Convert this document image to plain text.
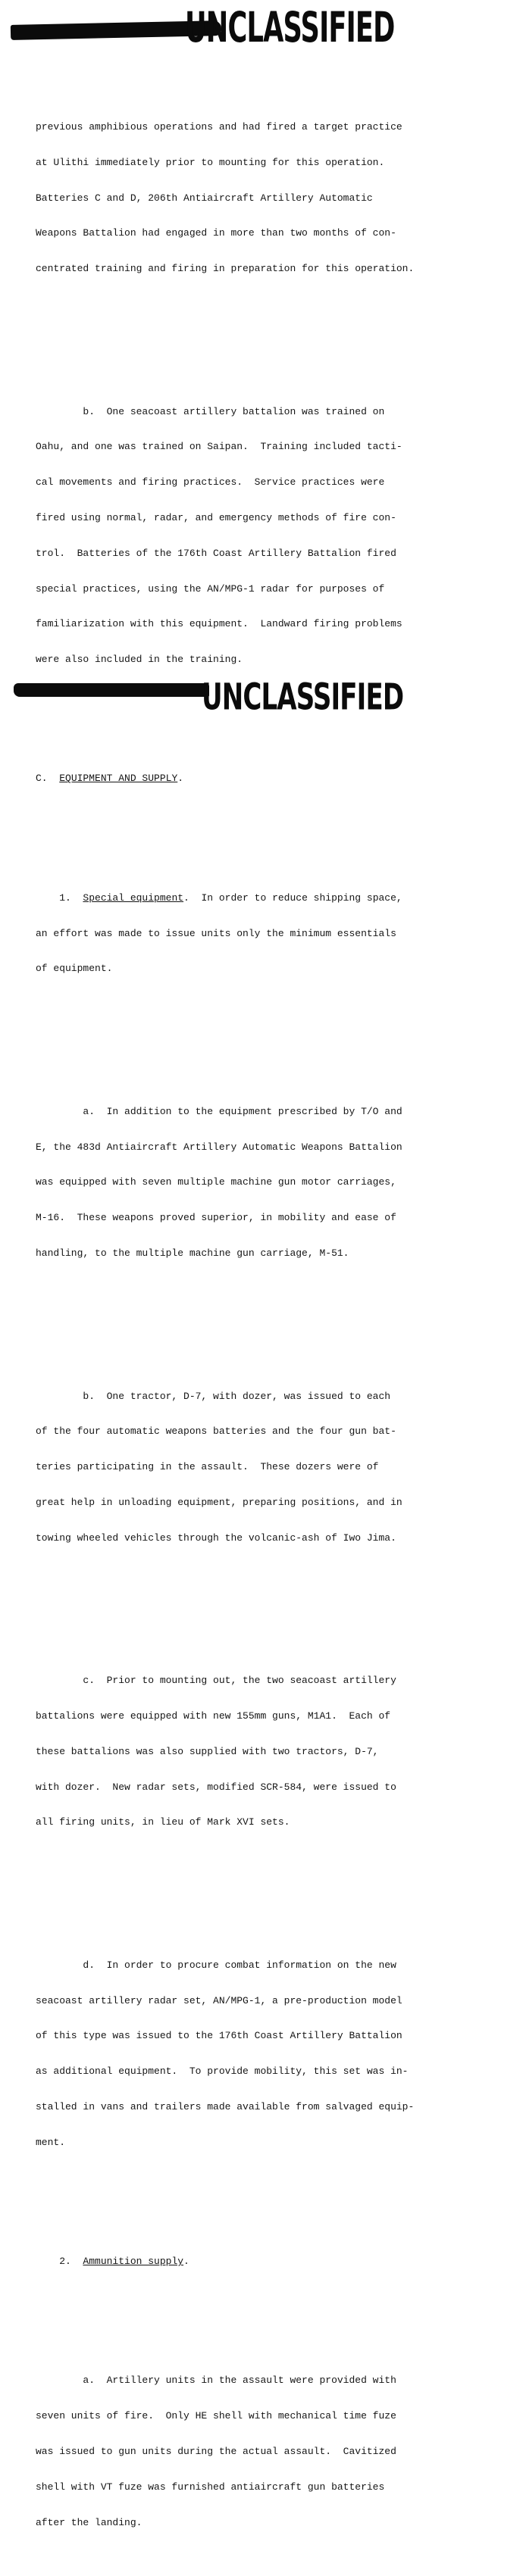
UNCLASSIFIED

previous amphibious operations and had fired a target practice

at Ulithi immediately prior to mounting for this operation.

Batteries C and D, 206th Antiaircraft Artillery Automatic

Weapons Battalion had engaged in more than two months of con-

centrated training and firing in preparation for this operation.

b.  One seacoast artillery battalion was trained on

Oahu, and one was trained on Saipan.  Training included tacti-

cal movements and firing practices.  Service practices were

fired using normal, radar, and emergency methods of fire con-

trol.  Batteries of the 176th Coast Artillery Battalion fired

special practices, using the AN/MPG-1 radar for purposes of

familiarization with this equipment.  Landward firing problems

were also included in the training.

C.  EQUIPMENT AND SUPPLY.

1.  Special equipment.  In order to reduce shipping space,

an effort was made to issue units only the minimum essentials

of equipment.

a.  In addition to the equipment prescribed by T/O and

E, the 483d Antiaircraft Artillery Automatic Weapons Battalion

was equipped with seven multiple machine gun motor carriages,

M-16.  These weapons proved superior, in mobility and ease of

handling, to the multiple machine gun carriage, M-51.

b.  One tractor, D-7, with dozer, was issued to each

of the four automatic weapons batteries and the four gun bat-

teries participating in the assault.  These dozers were of

great help in unloading equipment, preparing positions, and in

towing wheeled vehicles through the volcanic-ash of Iwo Jima.

c.  Prior to mounting out, the two seacoast artillery

battalions were equipped with new 155mm guns, M1A1.  Each of

these battalions was also supplied with two tractors, D-7,

with dozer.  New radar sets, modified SCR-584, were issued to

all firing units, in lieu of Mark XVI sets.

d.  In order to procure combat information on the new

seacoast artillery radar set, AN/MPG-1, a pre-production model

of this type was issued to the 176th Coast Artillery Battalion

as additional equipment.  To provide mobility, this set was in-

stalled in vans and trailers made available from salvaged equip-

ment.

2.  Ammunition supply.

a.  Artillery units in the assault were provided with

seven units of fire.  Only HE shell with mechanical time fuze

was issued to gun units during the actual assault.  Cavitized

shell with VT fuze was furnished antiaircraft gun batteries

after the landing.

UNCLASSIFIED
